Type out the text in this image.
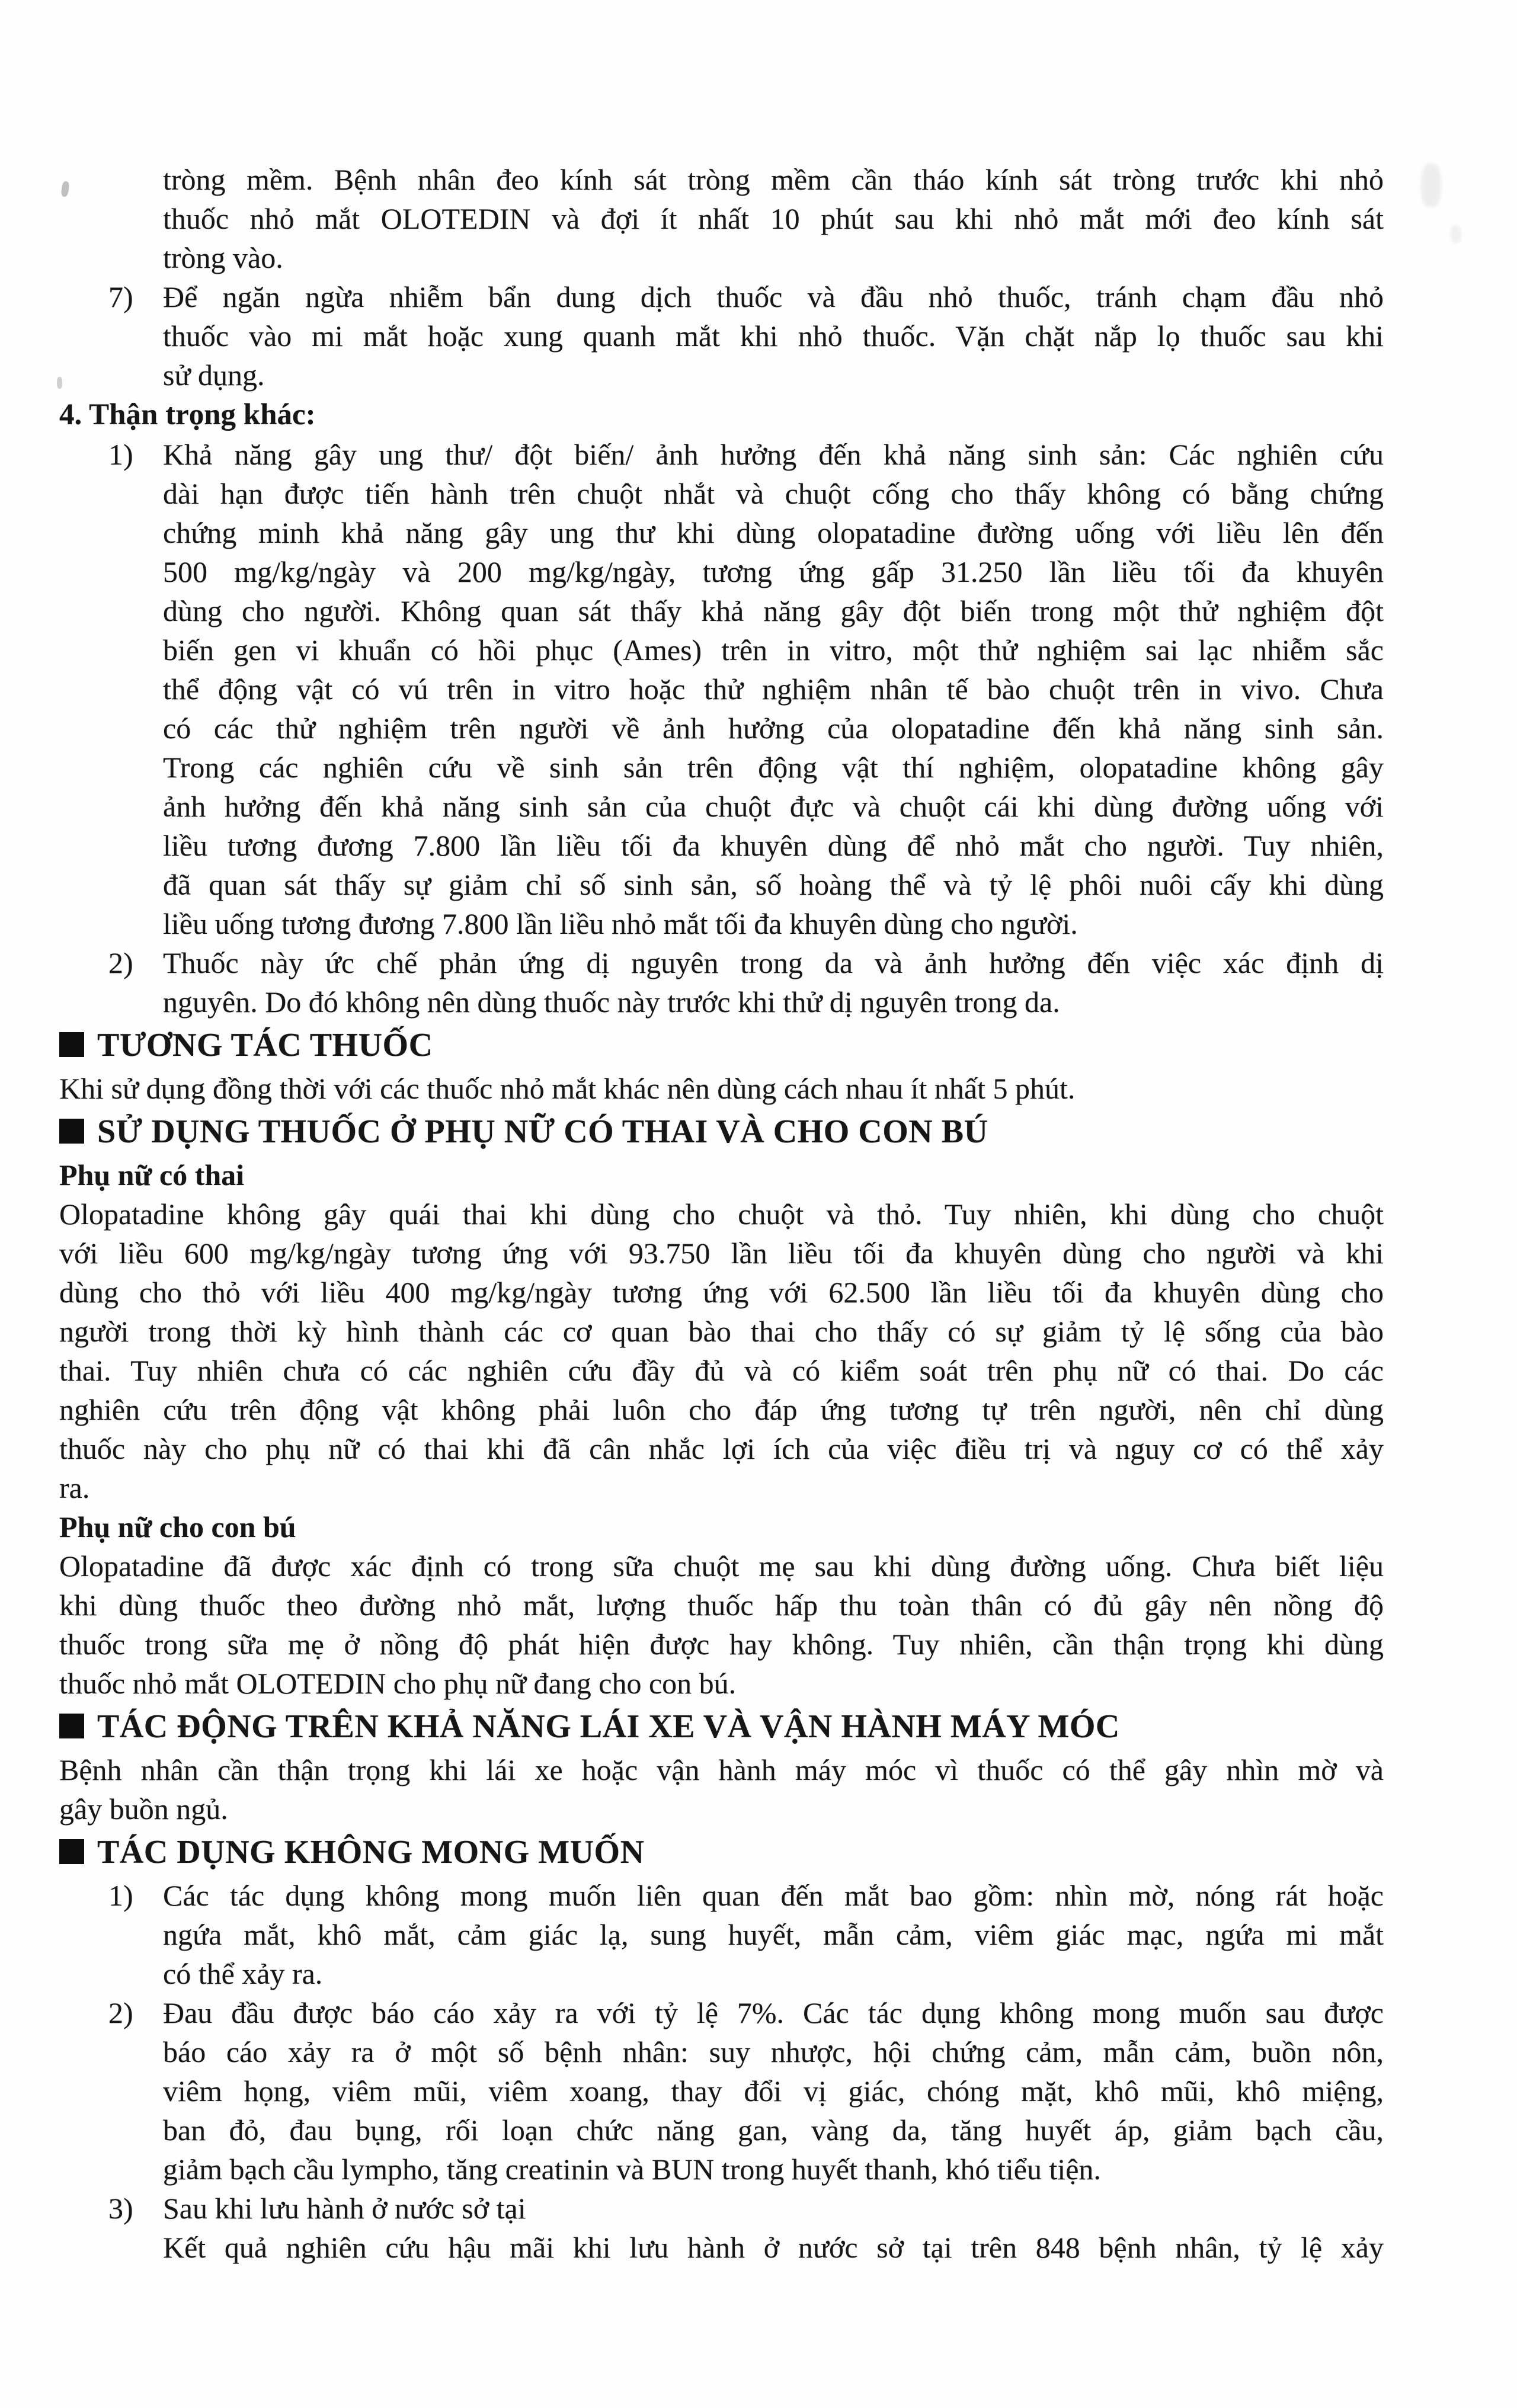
tròng mềm. Bệnh nhân đeo kính sát tròng mềm cần tháo kính sát tròng trước khi nhỏ
thuốc nhỏ mắt OLOTEDIN và đợi ít nhất 10 phút sau khi nhỏ mắt mới đeo kính sát
tròng vào.
7) Để ngăn ngừa nhiễm bẩn dung dịch thuốc và đầu nhỏ thuốc, tránh chạm đầu nhỏ
thuốc vào mi mắt hoặc xung quanh mắt khi nhỏ thuốc. Vặn chặt nắp lọ thuốc sau khi
sử dụng.
4. Thận trọng khác:
1) Khả năng gây ung thư/ đột biến/ ảnh hưởng đến khả năng sinh sản: Các nghiên cứu
dài hạn được tiến hành trên chuột nhắt và chuột cống cho thấy không có bằng chứng
chứng minh khả năng gây ung thư khi dùng olopatadine đường uống với liều lên đến
500 mg/kg/ngày và 200 mg/kg/ngày, tương ứng gấp 31.250 lần liều tối đa khuyên
dùng cho người. Không quan sát thấy khả năng gây đột biến trong một thử nghiệm đột
biến gen vi khuẩn có hồi phục (Ames) trên in vitro, một thử nghiệm sai lạc nhiễm sắc
thể động vật có vú trên in vitro hoặc thử nghiệm nhân tế bào chuột trên in vivo. Chưa
có các thử nghiệm trên người về ảnh hưởng của olopatadine đến khả năng sinh sản.
Trong các nghiên cứu về sinh sản trên động vật thí nghiệm, olopatadine không gây
ảnh hưởng đến khả năng sinh sản của chuột đực và chuột cái khi dùng đường uống với
liều tương đương 7.800 lần liều tối đa khuyên dùng để nhỏ mắt cho người. Tuy nhiên,
đã quan sát thấy sự giảm chỉ số sinh sản, số hoàng thể và tỷ lệ phôi nuôi cấy khi dùng
liều uống tương đương 7.800 lần liều nhỏ mắt tối đa khuyên dùng cho người.
2) Thuốc này ức chế phản ứng dị nguyên trong da và ảnh hưởng đến việc xác định dị
nguyên. Do đó không nên dùng thuốc này trước khi thử dị nguyên trong da.
TƯƠNG TÁC THUỐC
Khi sử dụng đồng thời với các thuốc nhỏ mắt khác nên dùng cách nhau ít nhất 5 phút.
SỬ DỤNG THUỐC Ở PHỤ NỮ CÓ THAI VÀ CHO CON BÚ
Phụ nữ có thai
Olopatadine không gây quái thai khi dùng cho chuột và thỏ. Tuy nhiên, khi dùng cho chuột
với liều 600 mg/kg/ngày tương ứng với 93.750 lần liều tối đa khuyên dùng cho người và khi
dùng cho thỏ với liều 400 mg/kg/ngày tương ứng với 62.500 lần liều tối đa khuyên dùng cho
người trong thời kỳ hình thành các cơ quan bào thai cho thấy có sự giảm tỷ lệ sống của bào
thai. Tuy nhiên chưa có các nghiên cứu đầy đủ và có kiểm soát trên phụ nữ có thai. Do các
nghiên cứu trên động vật không phải luôn cho đáp ứng tương tự trên người, nên chỉ dùng
thuốc này cho phụ nữ có thai khi đã cân nhắc lợi ích của việc điều trị và nguy cơ có thể xảy
ra.
Phụ nữ cho con bú
Olopatadine đã được xác định có trong sữa chuột mẹ sau khi dùng đường uống. Chưa biết liệu
khi dùng thuốc theo đường nhỏ mắt, lượng thuốc hấp thu toàn thân có đủ gây nên nồng độ
thuốc trong sữa mẹ ở nồng độ phát hiện được hay không. Tuy nhiên, cần thận trọng khi dùng
thuốc nhỏ mắt OLOTEDIN cho phụ nữ đang cho con bú.
TÁC ĐỘNG TRÊN KHẢ NĂNG LÁI XE VÀ VẬN HÀNH MÁY MÓC
Bệnh nhân cần thận trọng khi lái xe hoặc vận hành máy móc vì thuốc có thể gây nhìn mờ và
gây buồn ngủ.
TÁC DỤNG KHÔNG MONG MUỐN
1) Các tác dụng không mong muốn liên quan đến mắt bao gồm: nhìn mờ, nóng rát hoặc
ngứa mắt, khô mắt, cảm giác lạ, sung huyết, mẫn cảm, viêm giác mạc, ngứa mi mắt
có thể xảy ra.
2) Đau đầu được báo cáo xảy ra với tỷ lệ 7%. Các tác dụng không mong muốn sau được
báo cáo xảy ra ở một số bệnh nhân: suy nhược, hội chứng cảm, mẫn cảm, buồn nôn,
viêm họng, viêm mũi, viêm xoang, thay đổi vị giác, chóng mặt, khô mũi, khô miệng,
ban đỏ, đau bụng, rối loạn chức năng gan, vàng da, tăng huyết áp, giảm bạch cầu,
giảm bạch cầu lympho, tăng creatinin và BUN trong huyết thanh, khó tiểu tiện.
3) Sau khi lưu hành ở nước sở tại
Kết quả nghiên cứu hậu mãi khi lưu hành ở nước sở tại trên 848 bệnh nhân, tỷ lệ xảy
